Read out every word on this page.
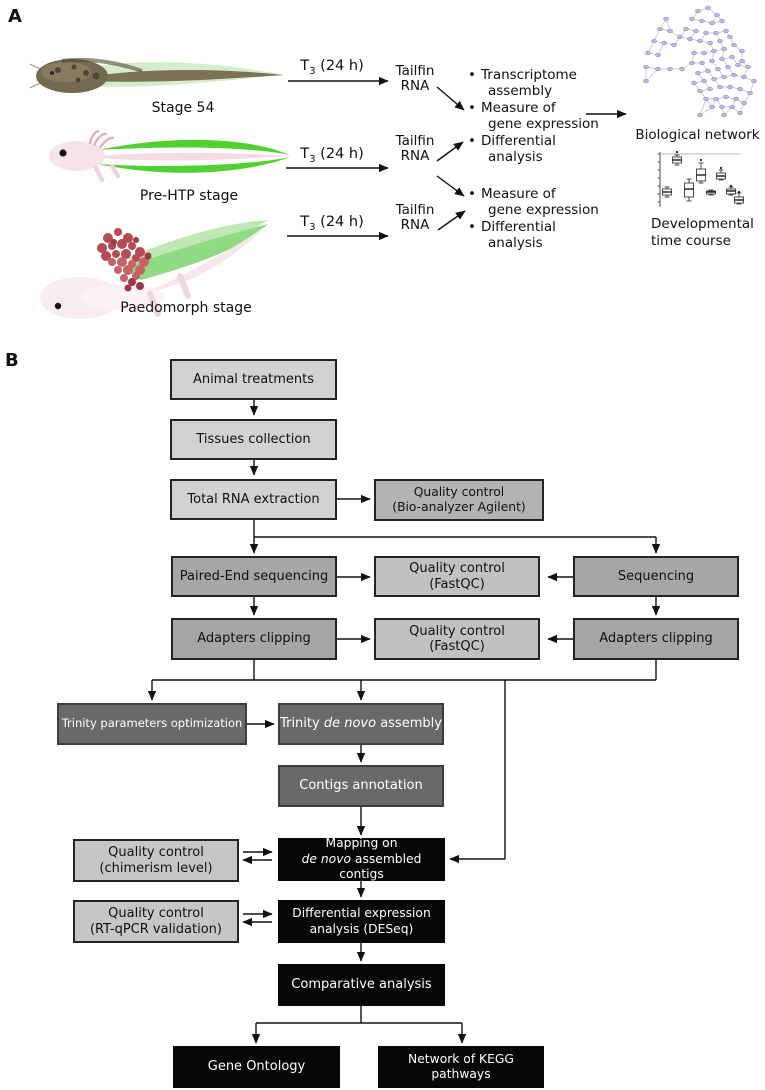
A
Stage 54
Pre-HTP stage
Paedomorph stage
$T_3$ (24 h)
$T_3$ (24 h)
$T_3$ (24 h)
Tailfin
RNA
Tailfin
RNA
Tailfin
RNA
• Transcriptome
assembly
• Measure of
gene expression
• Differential
analysis
• Measure of
gene expression
• Differential
analysis
Biological network
Developmental time course
B
Animal treatments
Tissues collection
Total RNA extraction
Quality control
(Bio-analyzer Agilent)
Paired-End sequencing
Quality control
(FastQC)
Sequencing
Adapters clipping
Quality control
(FastQC)
Adapters clipping
Trinity parameters optimization	Trinity de novo assembly
Contigs annotation
Quality control
(chimerism level)
Mapping on
de novo assembled contigs
Quality control
(RT-qPCR validation)
Differential expression
analysis (DESeq)
Comparative analysis
Gene Ontology
Network of KEGG pathways
